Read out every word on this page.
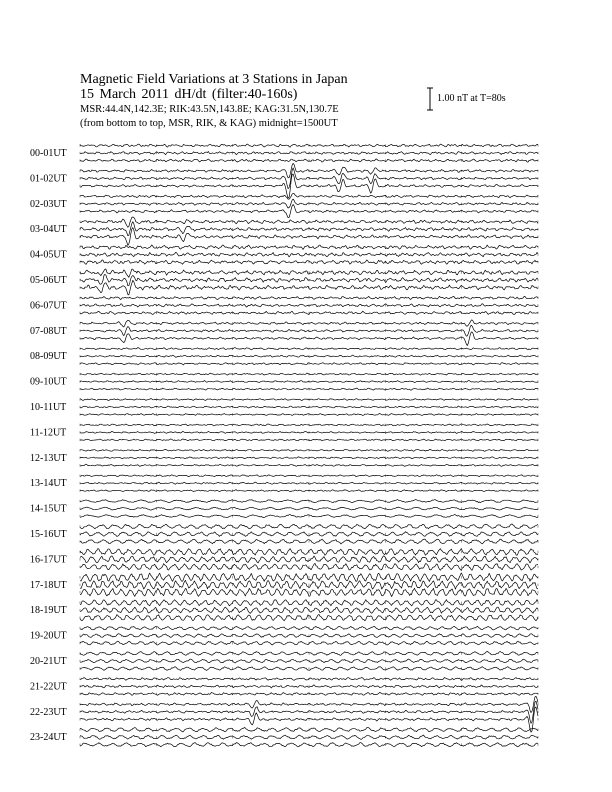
Magnetic Field Variations at 3 Stations in Japan
15 March 2011 dH/dt (filter:40-160s)
MSR:44.4N,142.3E; RIK:43.5N,143.8E; KAG:31.5N,130.7E
(from bottom to top, MSR, RIK, & KAG) midnight=1500UT
1.00 nT at T=80s
00-01UT
01-02UT
02-03UT
03-04UT
04-05UT
05-06UT
06-07UT
07-08UT
08-09UT
09-10UT
10-11UT
11-12UT
12-13UT
13-14UT
14-15UT
15-16UT
16-17UT
17-18UT
18-19UT
19-20UT
20-21UT
21-22UT
22-23UT
23-24UT
